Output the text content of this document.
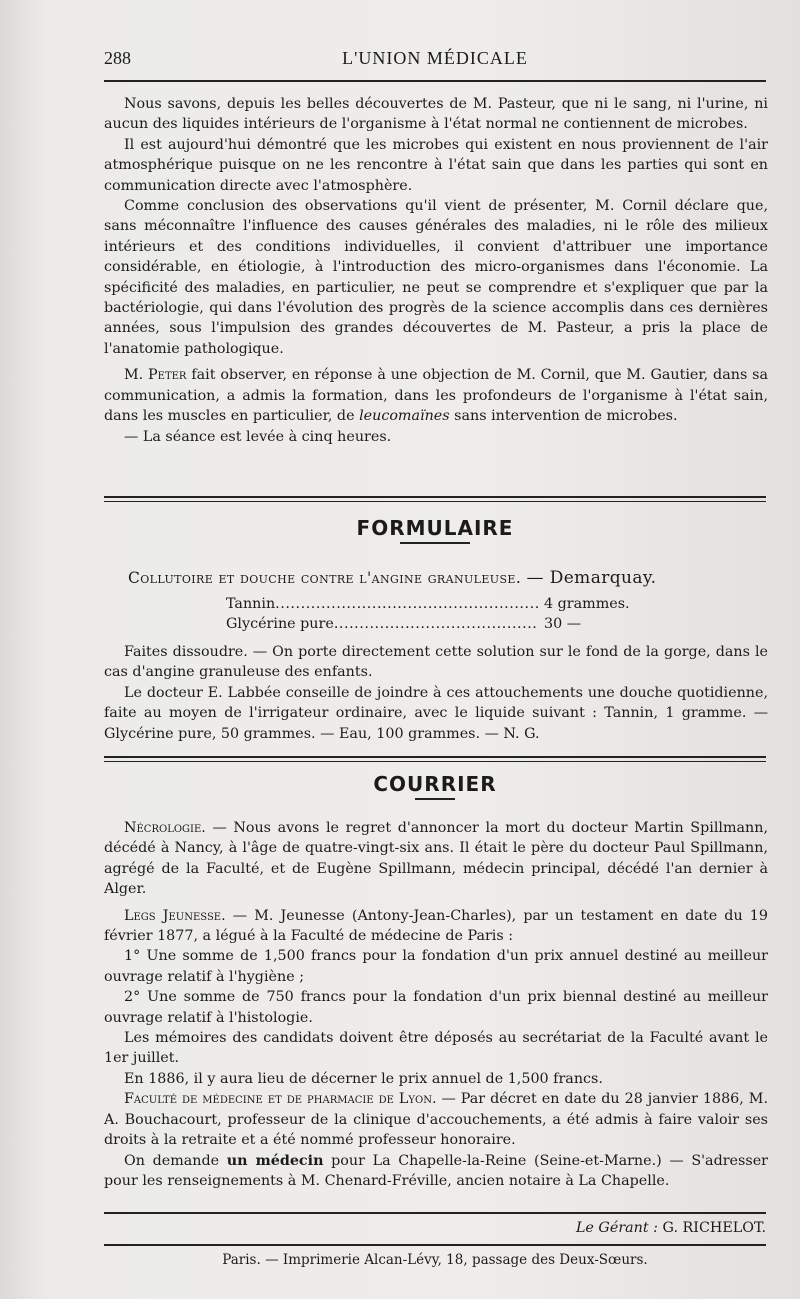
288	L'UNION MÉDICALE

Nous savons, depuis les belles découvertes de M. Pasteur, que ni le sang, ni l'urine, ni aucun des liquides intérieurs de l'organisme à l'état normal ne contiennent de microbes.

Il est aujourd'hui démontré que les microbes qui existent en nous proviennent de l'air atmosphérique puisque on ne les rencontre à l'état sain que dans les parties qui sont en communication directe avec l'atmosphère.

Comme conclusion des observations qu'il vient de présenter, M. Cornil déclare que, sans méconnaître l'influence des causes générales des maladies, ni le rôle des milieux intérieurs et des conditions individuelles, il convient d'attribuer une importance considérable, en étiologie, à l'introduction des micro-organismes dans l'économie. La spécificité des maladies, en particulier, ne peut se comprendre et s'expliquer que par la bactériologie, qui dans l'évolution des progrès de la science accomplis dans ces dernières années, sous l'impulsion des grandes découvertes de M. Pasteur, a pris la place de l'anatomie pathologique.

M. Peter fait observer, en réponse à une objection de M. Cornil, que M. Gautier, dans sa communication, a admis la formation, dans les profondeurs de l'organisme à l'état sain, dans les muscles en particulier, de leucomaïnes sans intervention de microbes.

— La séance est levée à cinq heures.

FORMULAIRE
Collutoire et douche contre l'angine granuleuse. — Demarquay.
Tannin . . .	4 grammes.
Glycérine pure . . .	30 —

Faites dissoudre. — On porte directement cette solution sur le fond de la gorge, dans le cas d'angine granuleuse des enfants.

Le docteur E. Labbée conseille de joindre à ces attouchements une douche quotidienne, faite au moyen de l'irrigateur ordinaire, avec le liquide suivant : Tannin, 1 gramme. — Glycérine pure, 50 grammes. — Eau, 100 grammes. — N. G.

COURRIER

Nécrologie. — Nous avons le regret d'annoncer la mort du docteur Martin Spillmann, décédé à Nancy, à l'âge de quatre-vingt-six ans. Il était le père du docteur Paul Spillmann, agrégé de la Faculté, et de Eugène Spillmann, médecin principal, décédé l'an dernier à Alger.

Legs Jeunesse. — M. Jeunesse (Antony-Jean-Charles), par un testament en date du 19 février 1877, a légué à la Faculté de médecine de Paris :

1° Une somme de 1,500 francs pour la fondation d'un prix annuel destiné au meilleur ouvrage relatif à l'hygiène ;

2° Une somme de 750 francs pour la fondation d'un prix biennal destiné au meilleur ouvrage relatif à l'histologie.

Les mémoires des candidats doivent être déposés au secrétariat de la Faculté avant le 1er juillet.

En 1886, il y aura lieu de décerner le prix annuel de 1,500 francs.

Faculté de médecine et de pharmacie de Lyon. — Par décret en date du 28 janvier 1886, M. A. Bouchacourt, professeur de la clinique d'accouchements, a été admis à faire valoir ses droits à la retraite et a été nommé professeur honoraire.

On demande un médecin pour La Chapelle-la-Reine (Seine-et-Marne.) — S'adresser pour les renseignements à M. Chenard-Fréville, ancien notaire à La Chapelle.

Le Gérant : G. RICHELOT.
Paris. — Imprimerie Alcan-Lévy, 18, passage des Deux-Sœurs.
